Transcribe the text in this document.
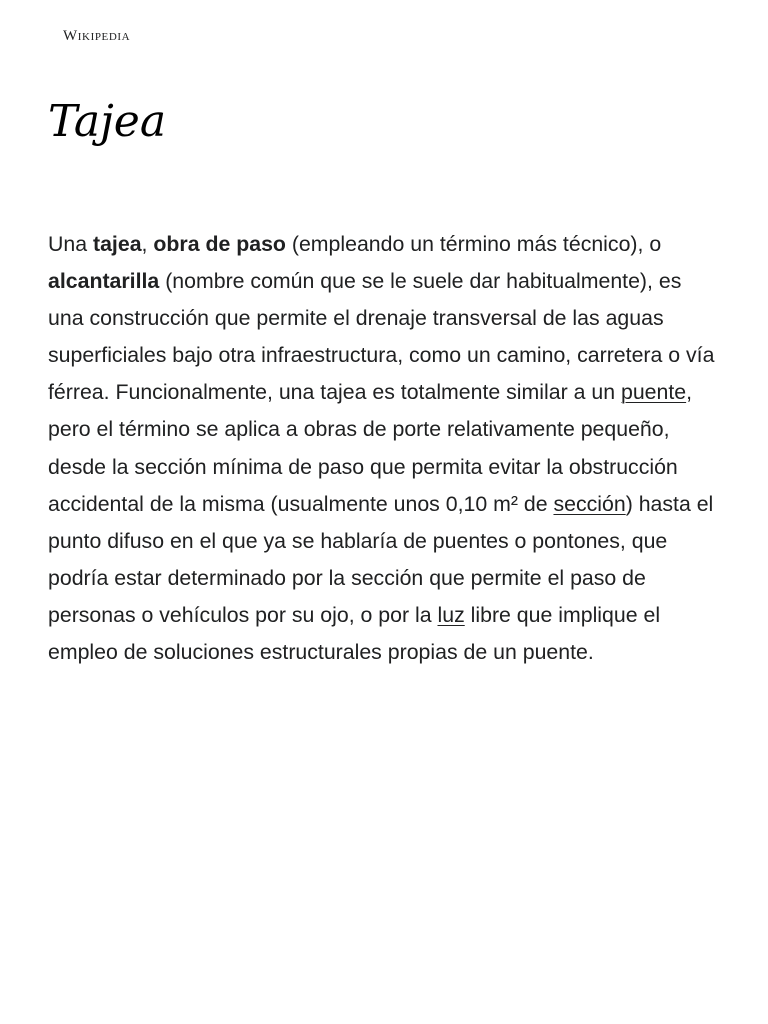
Wikipedia
Tajea

Una tajea, obra de paso (empleando un término más técnico), o alcantarilla (nombre común que se le suele dar habitualmente), es una construcción que permite el drenaje transversal de las aguas superficiales bajo otra infraestructura, como un camino, carretera o vía férrea. Funcionalmente, una tajea es totalmente similar a un puente, pero el término se aplica a obras de porte relativamente pequeño, desde la sección mínima de paso que permita evitar la obstrucción accidental de la misma (usualmente unos 0,10 m² de sección) hasta el punto difuso en el que ya se hablaría de puentes o pontones, que podría estar determinado por la sección que permite el paso de personas o vehículos por su ojo, o por la luz libre que implique el empleo de soluciones estructurales propias de un puente.
